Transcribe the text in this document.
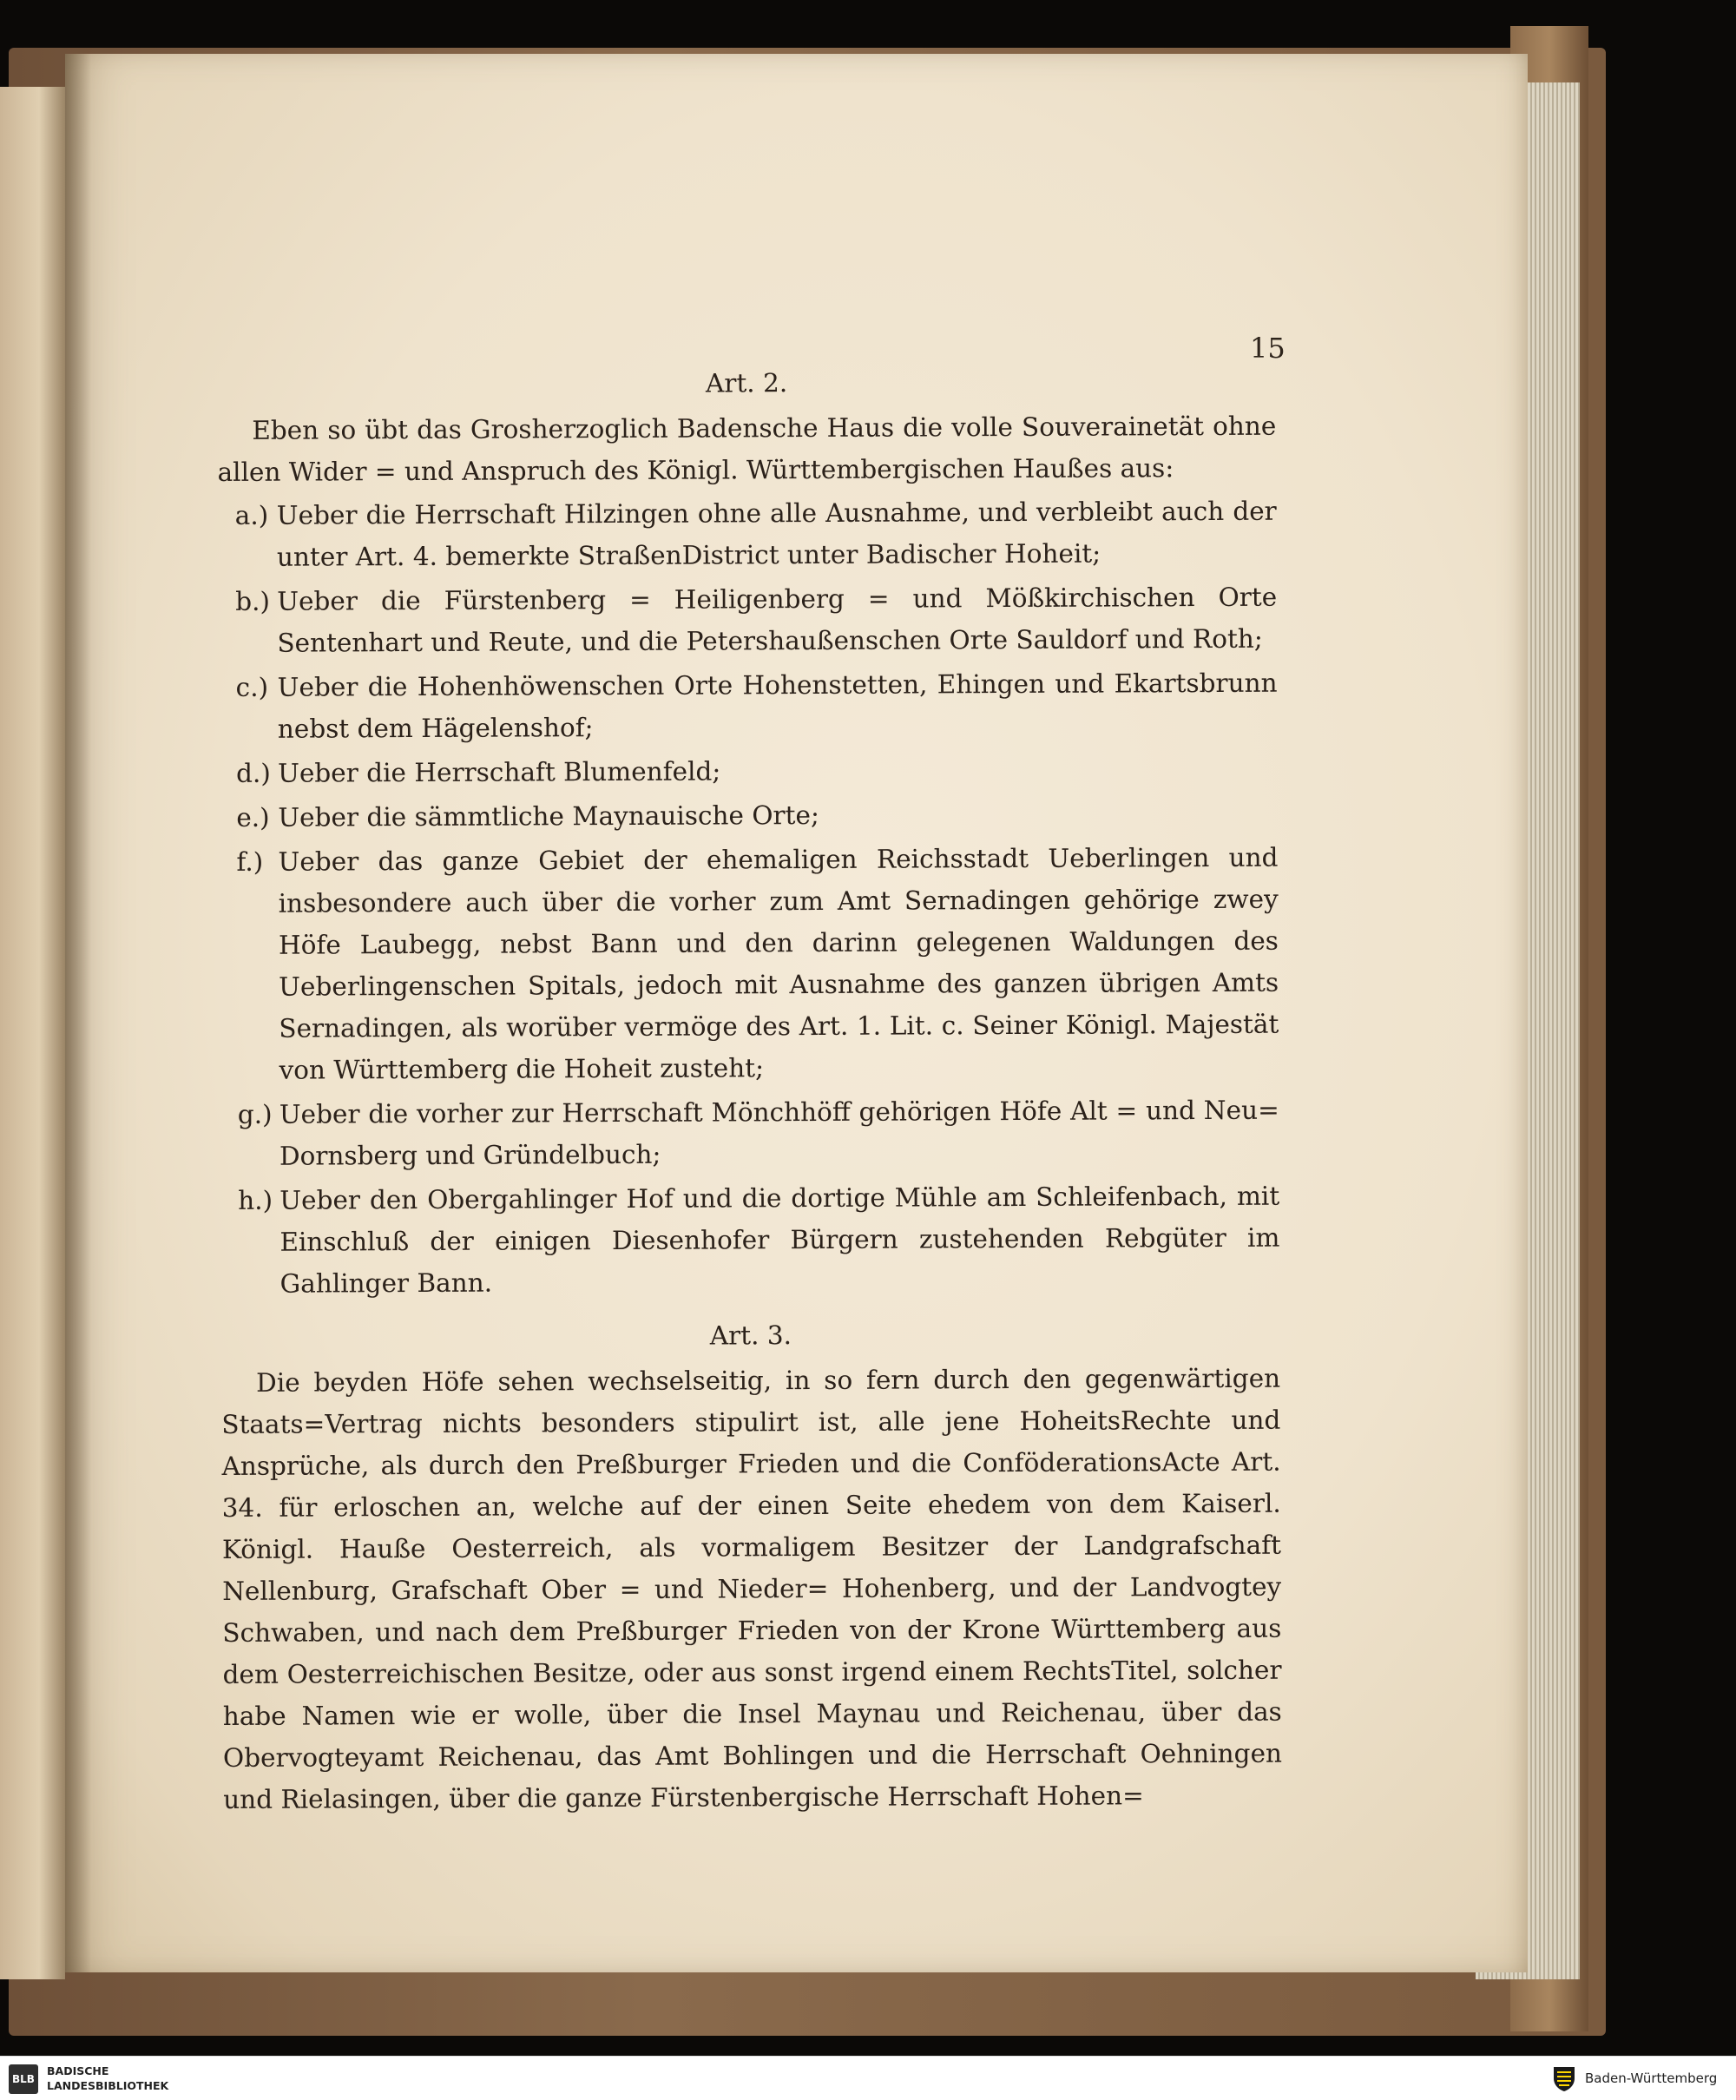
15
Art. 2.

Eben so übt das Grosherzoglich Badensche Haus die volle Souverainetät ohne allen Wider = und Anspruch des Königl. Württembergischen Haußes aus:

a.) Ueber die Herrschaft Hilzingen ohne alle Ausnahme, und verbleibt auch der unter Art. 4. bemerkte StraßenDistrict unter Badischer Hoheit;
b.) Ueber die Fürstenberg = Heiligenberg = und Mößkirchischen Orte Sentenhart und Reute, und die Petershaußenschen Orte Sauldorf und Roth;
c.) Ueber die Hohenhöwenschen Orte Hohenstetten, Ehingen und Ekartsbrunn nebst dem Hägelenshof;
d.) Ueber die Herrschaft Blumenfeld;
e.) Ueber die sämmtliche Maynauische Orte;
f.) Ueber das ganze Gebiet der ehemaligen Reichsstadt Ueberlingen und insbesondere auch über die vorher zum Amt Sernadingen gehörige zwey Höfe Laubegg, nebst Bann und den darinn gelegenen Waldungen des Ueberlingenschen Spitals, jedoch mit Ausnahme des ganzen übrigen Amts Sernadingen, als worüber vermöge des Art. 1. Lit. c. Seiner Königl. Majestät von Württemberg die Hoheit zusteht;
g.) Ueber die vorher zur Herrschaft Mönchhöff gehörigen Höfe Alt = und Neu= Dornsberg und Gründelbuch;
h.) Ueber den Obergahlinger Hof und die dortige Mühle am Schleifenbach, mit Einschluß der einigen Diesenhofer Bürgern zustehenden Rebgüter im Gahlinger Bann.
Art. 3.

Die beyden Höfe sehen wechselseitig, in so fern durch den gegenwärtigen Staats=Vertrag nichts besonders stipulirt ist, alle jene HoheitsRechte und Ansprüche, als durch den Preßburger Frieden und die ConföderationsActe Art. 34. für erloschen an, welche auf der einen Seite ehedem von dem Kaiserl. Königl. Hauße Oesterreich, als vormaligem Besitzer der Landgrafschaft Nellenburg, Grafschaft Ober = und Nieder= Hohenberg, und der Landvogtey Schwaben, und nach dem Preßburger Frieden von der Krone Württemberg aus dem Oesterreichischen Besitze, oder aus sonst irgend einem RechtsTitel, solcher habe Namen wie er wolle, über die Insel Maynau und Reichenau, über das Obervogteyamt Reichenau, das Amt Bohlingen und die Herrschaft Oehningen und Rielasingen, über die ganze Fürstenbergische Herrschaft Hohen=

BLB
BADISCHE
LANDESBIBLIOTHEK	Baden-Württemberg
